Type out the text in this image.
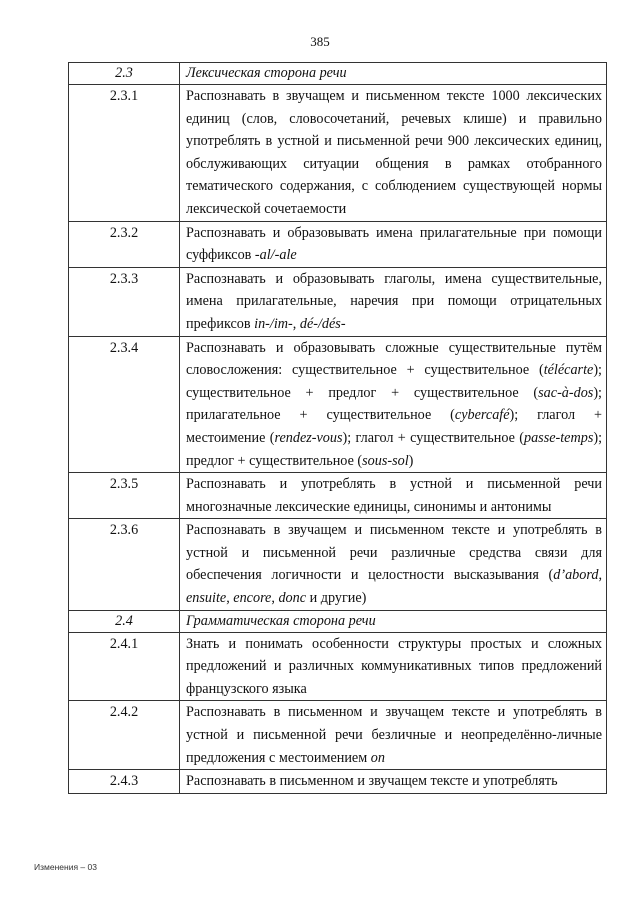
385
2.3	Лексическая сторона речи
2.3.1	Распознавать в звучащем и письменном тексте 1000 лексических единиц (слов, словосочетаний, речевых клише) и правильно употреблять в устной и письменной речи 900 лексических единиц, обслуживающих ситуации общения в рамках отобранного тематического содержания, с соблюдением существующей нормы лексической сочетаемости
2.3.2	Распознавать и образовывать имена прилагательные при помощи суффиксов -al/-ale
2.3.3	Распознавать и образовывать глаголы, имена существительные, имена прилагательные, наречия при помощи отрицательных префиксов in-/im-, dé-/dés-
2.3.4	Распознавать и образовывать сложные существительные путём словосложения: существительное + существительное (télécarte); существительное + предлог + существительное (sac-à-dos); прилагательное + существительное (cybercafé); глагол + местоимение (rendez-vous); глагол + существительное (passe-temps); предлог + существительное (sous-sol)
2.3.5	Распознавать и употреблять в устной и письменной речи многозначные лексические единицы, синонимы и антонимы
2.3.6	Распознавать в звучащем и письменном тексте и употреблять в устной и письменной речи различные средства связи для обеспечения логичности и целостности высказывания (d’abord, ensuite, encore, donc и другие)
2.4	Грамматическая сторона речи
2.4.1	Знать и понимать особенности структуры простых и сложных предложений и различных коммуникативных типов предложений французского языка
2.4.2	Распознавать в письменном и звучащем тексте и употреблять в устной и письменной речи безличные и неопределённо-личные предложения с местоимением on
2.4.3	Распознавать в письменном и звучащем тексте и употреблять
Изменения – 03
